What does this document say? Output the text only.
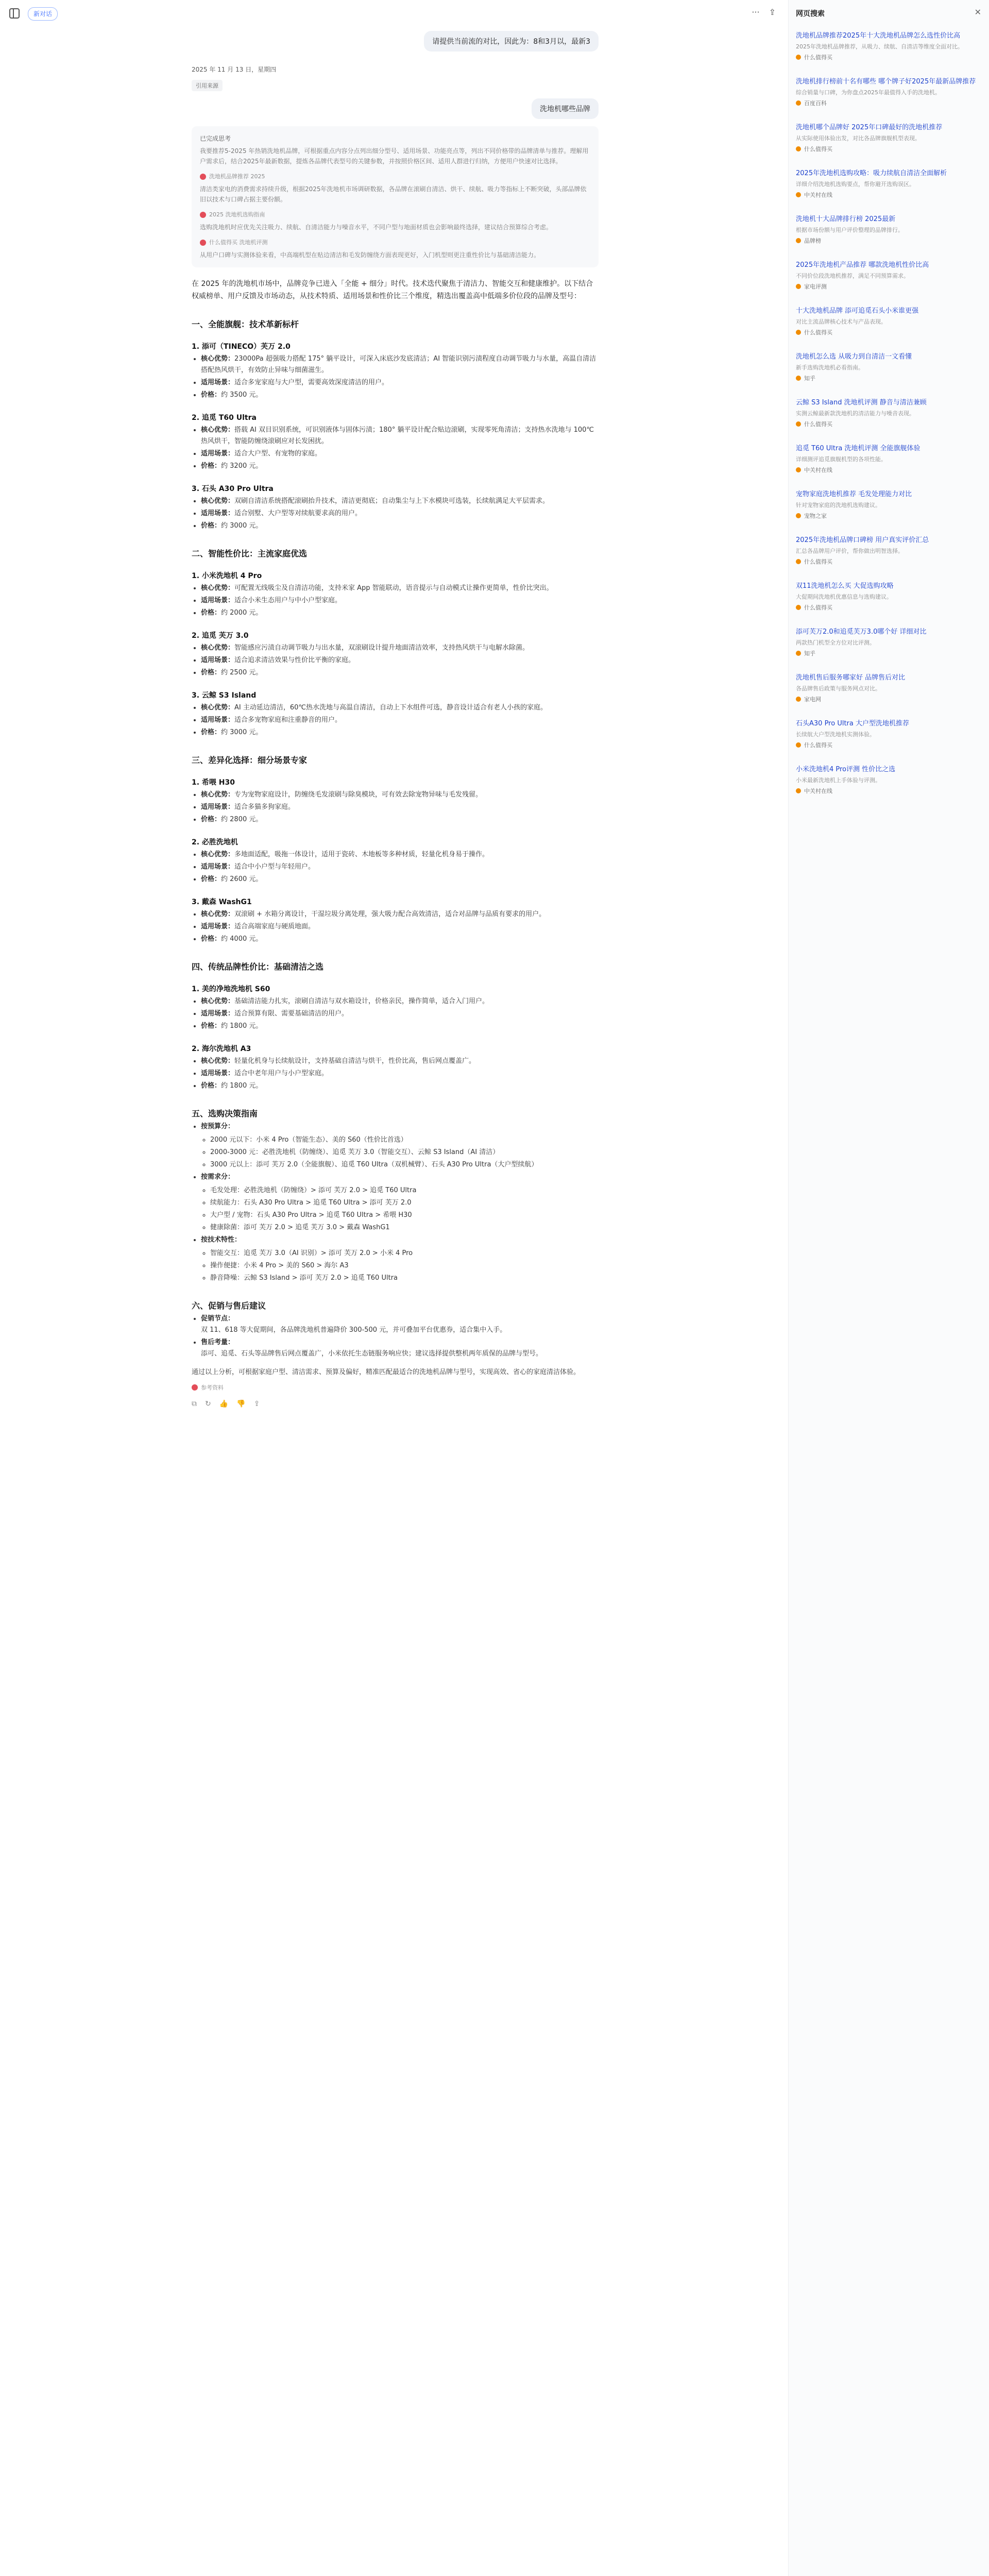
新对话	··· ⇪
请提供当前流的对比，因此为：8和3月以，最新3
2025 年 11 月 13 日，星期四
引用来源
洗地机哪些品牌
已完成思考
我要推荐5-2025 年热销洗地机品牌，可根据重点内容分点列出细分型号、适用场景、功能亮点等，列出不同价格带的品牌清单与推荐。理解用户需求后，结合2025年最新数据，提炼各品牌代表型号的关键参数，并按照价格区间、适用人群进行归纳，方便用户快速对比选择。
洗地机品牌推荐 2025
清洁类家电的消费需求持续升级，根据2025年洗地机市场调研数据，各品牌在滚刷自清洁、烘干、续航、吸力等指标上不断突破，头部品牌依旧以技术与口碑占据主要份额。
2025 洗地机选购指南
选购洗地机时应优先关注吸力、续航、自清洁能力与噪音水平，不同户型与地面材质也会影响最终选择，建议结合预算综合考虑。
什么值得买 洗地机评测
从用户口碑与实测体验来看，中高端机型在贴边清洁和毛发防缠绕方面表现更好，入门机型则更注重性价比与基础清洁能力。
在 2025 年的洗地机市场中，品牌竞争已进入「全能 + 细分」时代。技术迭代聚焦于清洁力、智能交互和健康维护。以下结合权威榜单、用户反馈及市场动态，从技术特质、适用场景和性价比三个维度，精选出覆盖高中低端多价位段的品牌及型号：
一、全能旗舰：技术革新标杆
1. 添可（TINECO）芙万 2.0
• 核心优势：23000Pa 超强吸力搭配 175° 躺平设计，可深入床底沙发底清洁；AI 智能识别污渍程度自动调节吸力与水量，高温自清洁搭配热风烘干，有效防止异味与细菌滋生。
• 适用场景：适合多宠家庭与大户型，需要高效深度清洁的用户。
• 价格：约 3500 元。
2. 追觅 T60 Ultra
• 核心优势：搭载 AI 双目识别系统，可识别液体与固体污渍；180° 躺平设计配合贴边滚刷，实现零死角清洁；支持热水洗地与 100℃ 热风烘干，智能防缠绕滚刷应对长发困扰。
• 适用场景：适合大户型、有宠物的家庭。
• 价格：约 3200 元。
3. 石头 A30 Pro Ultra
• 核心优势：双刷自清洁系统搭配滚刷抬升技术，清洁更彻底；自动集尘与上下水模块可选装，长续航满足大平层需求。
• 适用场景：适合别墅、大户型等对续航要求高的用户。
• 价格：约 3000 元。
二、智能性价比：主流家庭优选
1. 小米洗地机 4 Pro
• 核心优势：可配置无线吸尘及自清洁功能，支持米家 App 智能联动，语音提示与自动模式让操作更简单，性价比突出。
• 适用场景：适合小米生态用户与中小户型家庭。
• 价格：约 2000 元。
2. 追觅 芙万 3.0
• 核心优势：智能感应污渍自动调节吸力与出水量，双滚刷设计提升地面清洁效率，支持热风烘干与电解水除菌。
• 适用场景：适合追求清洁效果与性价比平衡的家庭。
• 价格：约 2500 元。
3. 云鲸 S3 Island
• 核心优势：AI 主动延边清洁，60℃热水洗地与高温自清洁，自动上下水组件可选，静音设计适合有老人小孩的家庭。
• 适用场景：适合多宠物家庭和注重静音的用户。
• 价格：约 3000 元。
三、差异化选择：细分场景专家
1. 希喂 H30
• 核心优势：专为宠物家庭设计，防缠绕毛发滚刷与除臭模块，可有效去除宠物异味与毛发残留。
• 适用场景：适合多猫多狗家庭。
• 价格：约 2800 元。
2. 必胜洗地机
• 核心优势：多地面适配，吸拖一体设计，适用于瓷砖、木地板等多种材质，轻量化机身易于操作。
• 适用场景：适合中小户型与年轻用户。
• 价格：约 2600 元。
3. 戴森 WashG1
• 核心优势：双滚刷 + 水箱分离设计，干湿垃圾分离处理，强大吸力配合高效清洁，适合对品牌与品质有要求的用户。
• 适用场景：适合高端家庭与硬质地面。
• 价格：约 4000 元。
四、传统品牌性价比：基础清洁之选
1. 美的净地洗地机 S60
• 核心优势：基础清洁能力扎实，滚刷自清洁与双水箱设计，价格亲民，操作简单，适合入门用户。
• 适用场景：适合预算有限、需要基础清洁的用户。
• 价格：约 1800 元。
2. 海尔洗地机 A3
• 核心优势：轻量化机身与长续航设计，支持基础自清洁与烘干，性价比高，售后网点覆盖广。
• 适用场景：适合中老年用户与小户型家庭。
• 价格：约 1800 元。
五、选购决策指南
• 按预算分：
◦ 2000 元以下：小米 4 Pro（智能生态）、美的 S60（性价比首选）
◦ 2000-3000 元：必胜洗地机（防缠绕）、追觅 芙万 3.0（智能交互）、云鲸 S3 Island（AI 清洁）
◦ 3000 元以上：添可 芙万 2.0（全能旗舰）、追觅 T60 Ultra（双机械臂）、石头 A30 Pro Ultra（大户型续航）
• 按需求分：
◦ 毛发处理：必胜洗地机（防缠绕）> 添可 芙万 2.0 > 追觅 T60 Ultra
◦ 续航能力：石头 A30 Pro Ultra > 追觅 T60 Ultra > 添可 芙万 2.0
◦ 大户型 / 宠物：石头 A30 Pro Ultra > 追觅 T60 Ultra > 希喂 H30
◦ 健康除菌：添可 芙万 2.0 > 追觅 芙万 3.0 > 戴森 WashG1
• 按技术特性：
◦ 智能交互：追觅 芙万 3.0（AI 识别）> 添可 芙万 2.0 > 小米 4 Pro
◦ 操作便捷：小米 4 Pro > 美的 S60 > 海尔 A3
◦ 静音降噪：云鲸 S3 Island > 添可 芙万 2.0 > 追觅 T60 Ultra
六、促销与售后建议
• 促销节点：
双 11、618 等大促期间，各品牌洗地机普遍降价 300-500 元，并可叠加平台优惠券，适合集中入手。
• 售后考量：
添可、追觅、石头等品牌售后网点覆盖广，小米依托生态链服务响应快；建议选择提供整机两年质保的品牌与型号。
通过以上分析，可根据家庭户型、清洁需求、预算及偏好，精准匹配最适合的洗地机品牌与型号，实现高效、省心的家庭清洁体验。
参考资料
⧉ ↻ 👍 👎 ⇪
网页搜索	✕
洗地机品牌推荐2025年十大洗地机品牌怎么选性价比高
2025年洗地机品牌推荐，从吸力、续航、自清洁等维度全面对比。
什么值得买
洗地机排行榜前十名有哪些 哪个牌子好2025年最新品牌推荐
综合销量与口碑，为你盘点2025年最值得入手的洗地机。
百度百科
洗地机哪个品牌好 2025年口碑最好的洗地机推荐
从实际使用体验出发，对比各品牌旗舰机型表现。
什么值得买
2025年洗地机选购攻略：吸力续航自清洁全面解析
详细介绍洗地机选购要点，帮你避开选购误区。
中关村在线
洗地机十大品牌排行榜 2025最新
根据市场份额与用户评价整理的品牌排行。
品牌榜
2025年洗地机产品推荐 哪款洗地机性价比高
不同价位段洗地机推荐，满足不同预算需求。
家电评测
十大洗地机品牌 添可追觅石头小米谁更强
对比主流品牌核心技术与产品表现。
什么值得买
洗地机怎么选 从吸力到自清洁一文看懂
新手选购洗地机必看指南。
知乎
云鲸 S3 Island 洗地机评测 静音与清洁兼顾
实测云鲸最新款洗地机的清洁能力与噪音表现。
什么值得买
追觅 T60 Ultra 洗地机评测 全能旗舰体验
详细测评追觅旗舰机型的各项性能。
中关村在线
宠物家庭洗地机推荐 毛发处理能力对比
针对宠物家庭的洗地机选购建议。
宠物之家
2025年洗地机品牌口碑榜 用户真实评价汇总
汇总各品牌用户评价，帮你做出明智选择。
什么值得买
双11洗地机怎么买 大促选购攻略
大促期间洗地机优惠信息与选购建议。
什么值得买
添可芙万2.0和追觅芙万3.0哪个好 详细对比
两款热门机型全方位对比评测。
知乎
洗地机售后服务哪家好 品牌售后对比
各品牌售后政策与服务网点对比。
家电网
石头A30 Pro Ultra 大户型洗地机推荐
长续航大户型洗地机实测体验。
什么值得买
小米洗地机4 Pro评测 性价比之选
小米最新洗地机上手体验与评测。
中关村在线
